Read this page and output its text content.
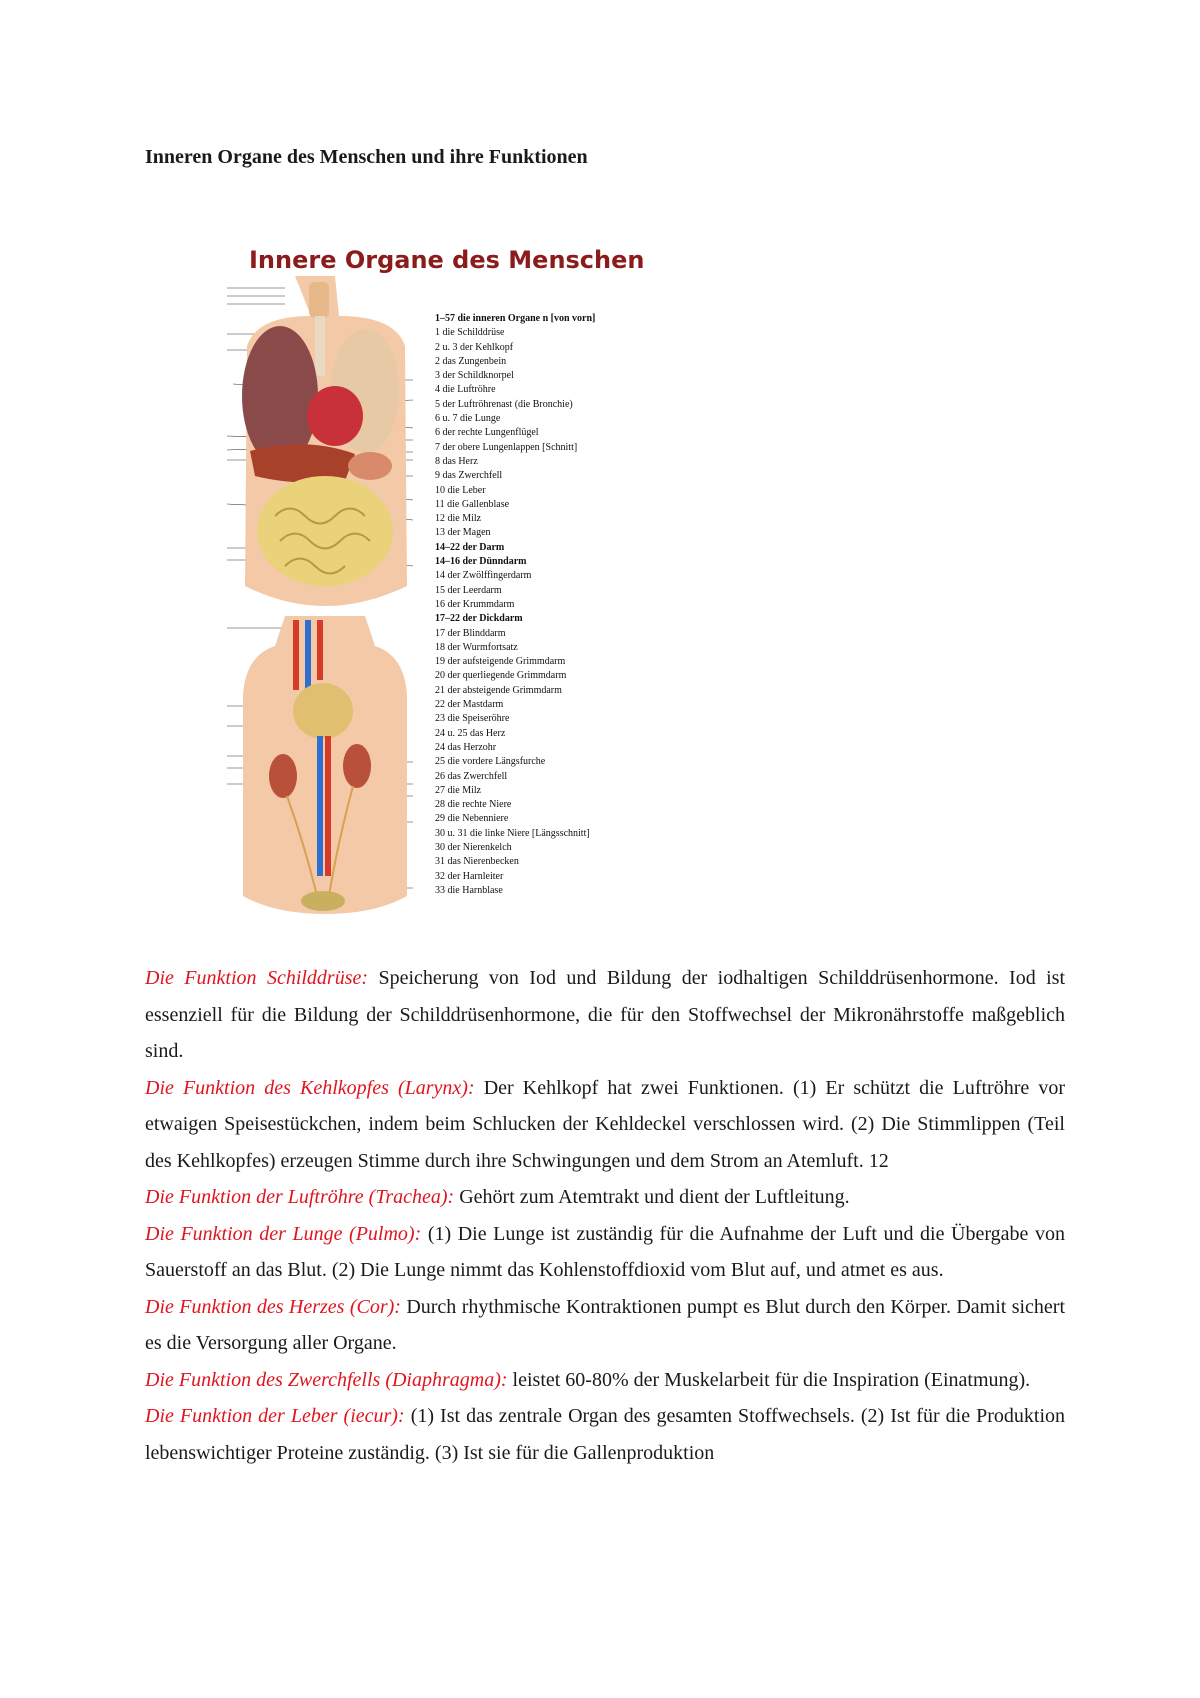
Inneren Organe des Menschen und ihre Funktionen
Innere Organe des Menschen
1–57 die inneren Organe n [von vorn]
1 die Schilddrüse
2 u. 3 der Kehlkopf
2 das Zungenbein
3 der Schildknorpel
4 die Luftröhre
5 der Luftröhrenast (die Bronchie)
6 u. 7 die Lunge
6 der rechte Lungenflügel
7 der obere Lungenlappen [Schnitt]
8 das Herz
9 das Zwerchfell
10 die Leber
11 die Gallenblase
12 die Milz
13 der Magen
14–22 der Darm
14–16 der Dünndarm
14 der Zwölffingerdarm
15 der Leerdarm
16 der Krummdarm
17–22 der Dickdarm
17 der Blinddarm
18 der Wurmfortsatz
19 der aufsteigende Grimmdarm
20 der querliegende Grimmdarm
21 der absteigende Grimmdarm
22 der Mastdarm
23 die Speiseröhre
24 u. 25 das Herz
24 das Herzohr
25 die vordere Längsfurche
26 das Zwerchfell
27 die Milz
28 die rechte Niere
29 die Nebenniere
30 u. 31 die linke Niere [Längsschnitt]
30 der Nierenkelch
31 das Nierenbecken
32 der Harnleiter
33 die Harnblase

Die Funktion Schilddrüse: Speicherung von Iod und Bildung der iodhaltigen Schilddrüsenhormone. Iod ist essenziell für die Bildung der Schilddrüsenhormone, die für den Stoffwechsel der Mikronährstoffe maßgeblich sind.

Die Funktion des Kehlkopfes (Larynx): Der Kehlkopf hat zwei Funktionen. (1) Er schützt die Luftröhre vor etwaigen Speisestückchen, indem beim Schlucken der Kehldeckel verschlossen wird. (2) Die Stimmlippen (Teil des Kehlkopfes) erzeugen Stimme durch ihre Schwingungen und dem Strom an Atemluft. 12

Die Funktion der Luftröhre (Trachea): Gehört zum Atemtrakt und dient der Luftleitung.

Die Funktion der Lunge (Pulmo): (1) Die Lunge ist zuständig für die Aufnahme der Luft und die Übergabe von Sauerstoff an das Blut. (2) Die Lunge nimmt das Kohlenstoffdioxid vom Blut auf, und atmet es aus.

Die Funktion des Herzes (Cor): Durch rhythmische Kontraktionen pumpt es Blut durch den Körper. Damit sichert es die Versorgung aller Organe.

Die Funktion des Zwerchfells (Diaphragma): leistet 60-80% der Muskelarbeit für die Inspiration (Einatmung).

Die Funktion der Leber (iecur): (1) Ist das zentrale Organ des gesamten Stoffwechsels. (2) Ist für die Produktion lebenswichtiger Proteine zuständig. (3) Ist sie für die Gallenproduktion
